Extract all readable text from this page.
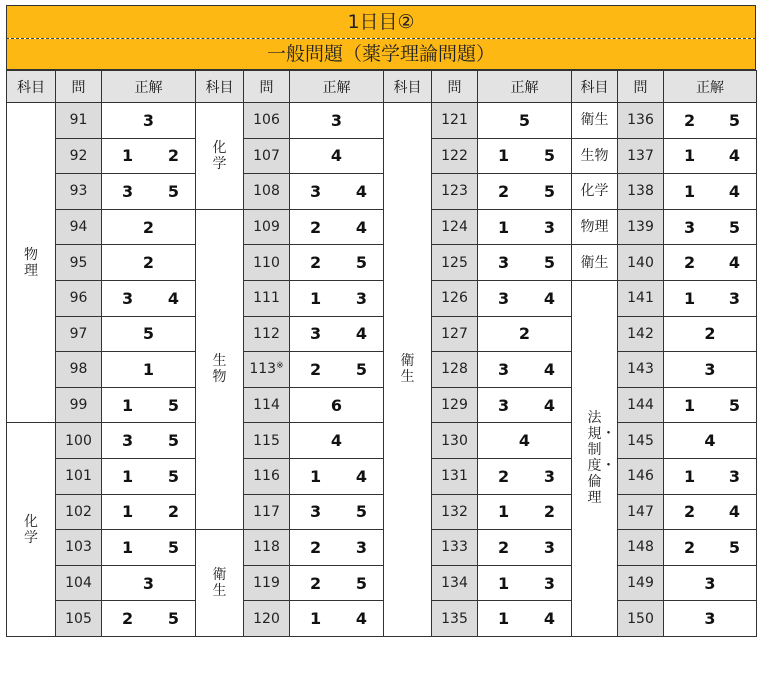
1日目②
一般問題（薬学理論問題）
科目	問	正解	科目	問	正解	科目	問	正解	科目	問	正解
物理	91	3	化学	106	3	衛生	121	5	衛生	136	2 5

	92	1 2		107	4		122	1 5	生物	137	1 4

	93	3 5		108	3 4		123	2 5	化学	138	1 4

	94	2	生物	109	2 4		124	1 3	物理	139	3 5

	95	2		110	2 5		125	3 5	衛生	140	2 4

	96	3 4		111	1 3		126	3 4	法規・制度・倫理	141	1 3

	97	5		112	3 4		127	2		142	2
	98	1		113※	2 5		128	3 4		143	3
	99	1 5		114	6		129	3 4		144	1 5

化学	100	3 5		115	4		130	4		145	4
	101	1 5		116	1 4		131	2 3		146	1 3

	102	1 2		117	3 5		132	1 2		147	2 4

	103	1 5	衛生	118	2 3		133	2 3		148	2 5

	104	3		119	2 5		134	1 3		149	3
	105	2 5		120	1 4		135	1 4		150	3
